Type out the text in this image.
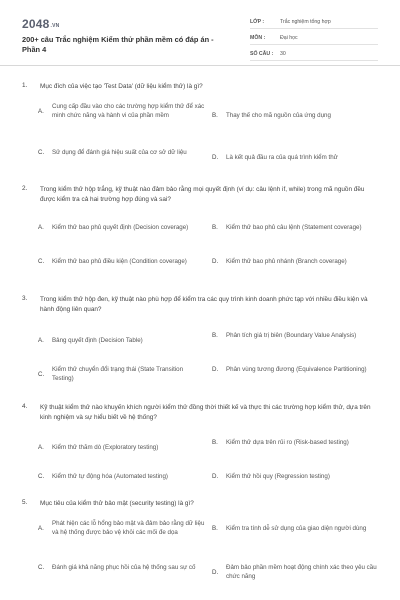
2048.VN
200+ câu Trắc nghiệm Kiểm thử phần mềm có đáp án - Phần 4
LỚP :	Trắc nghiệm tổng hợp
MÔN :	Đại học
SỐ CÂU :	30
1. Mục đích của việc tạo 'Test Data' (dữ liệu kiểm thử) là gì?
A.
Cung cấp đầu vào cho các trường hợp kiểm thử để xác minh chức năng và hành vi của phần mềm	B.	Thay thế cho mã nguồn của ứng dụng
C.	Sử dụng để đánh giá hiệu suất của cơ sở dữ liệu
D.	Là kết quả đầu ra của quá trình kiểm thử
2. Trong kiểm thử hộp trắng, kỹ thuật nào đảm bảo rằng mọi quyết định (ví dụ: câu lệnh if, while) trong mã nguồn đều được kiểm tra cả hai trường hợp đúng và sai?
A.	Kiểm thử bao phủ quyết định (Decision coverage)	B.	Kiểm thử bao phủ câu lệnh (Statement coverage)
C.	Kiểm thử bao phủ điều kiện (Condition coverage)	D.	Kiểm thử bao phủ nhánh (Branch coverage)
3. Trong kiểm thử hộp đen, kỹ thuật nào phù hợp để kiểm tra các quy trình kinh doanh phức tạp với nhiều điều kiện và hành động liên quan?
A.	Bảng quyết định (Decision Table)
B.	Phân tích giá trị biên (Boundary Value Analysis)
C.
Kiểm thử chuyển đổi trạng thái (State Transition Testing)
D.	Phân vùng tương đương (Equivalence Partitioning)
4. Kỹ thuật kiểm thử nào khuyến khích người kiểm thử đồng thời thiết kế và thực thi các trường hợp kiểm thử, dựa trên kinh nghiệm và sự hiểu biết về hệ thống?
A.	Kiểm thử thăm dò (Exploratory testing)
B.	Kiểm thử dựa trên rủi ro (Risk-based testing)
C.	Kiểm thử tự động hóa (Automated testing)	D.	Kiểm thử hồi quy (Regression testing)
5. Mục tiêu của kiểm thử bảo mật (security testing) là gì?
A.
Phát hiện các lỗ hổng bảo mật và đảm bảo rằng dữ liệu và hệ thống được bảo vệ khỏi các mối đe dọa
B.	Kiểm tra tính dễ sử dụng của giao diện người dùng
C.	Đánh giá khả năng phục hồi của hệ thống sau sự cố
D.
Đảm bảo phần mềm hoạt động chính xác theo yêu cầu chức năng
